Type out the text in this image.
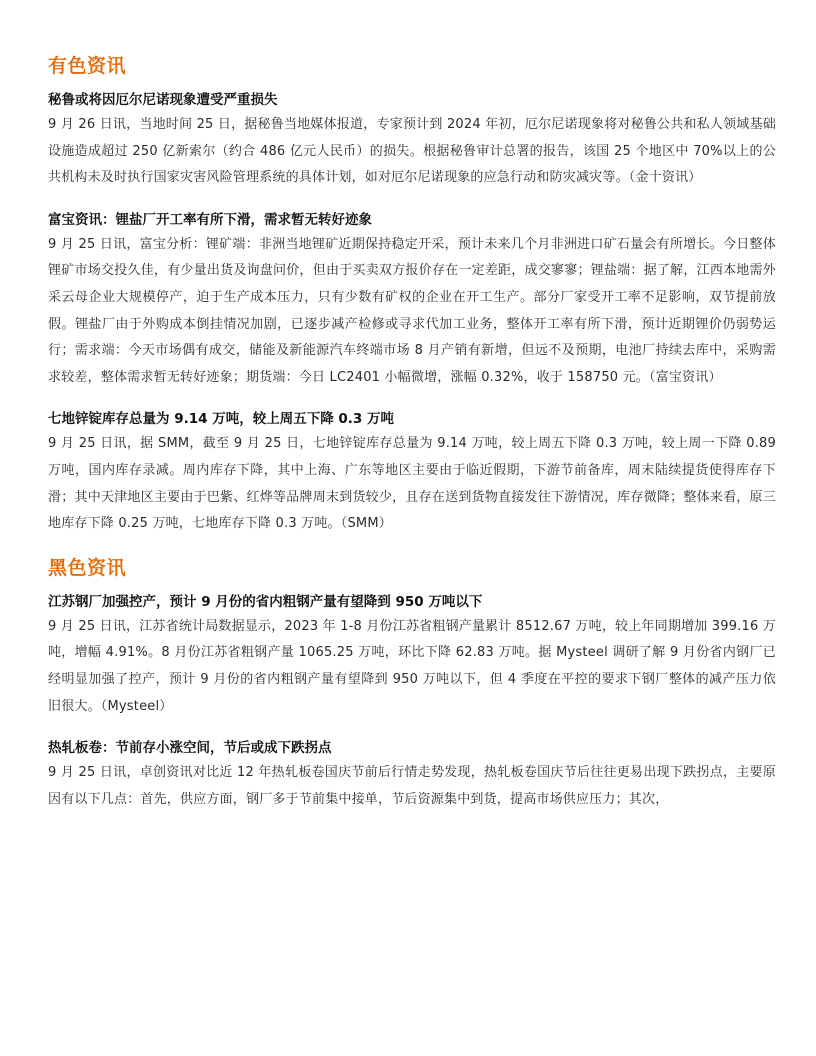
有色资讯

秘鲁或将因厄尔尼诺现象遭受严重损失

9 月 26 日讯，当地时间 25 日，据秘鲁当地媒体报道，专家预计到 2024 年初，厄尔尼诺现象将对秘鲁公共和私人领域基础设施造成超过 250 亿新索尔（约合 486 亿元人民币）的损失。根据秘鲁审计总署的报告，该国 25 个地区中 70%以上的公共机构未及时执行国家灾害风险管理系统的具体计划，如对厄尔尼诺现象的应急行动和防灾减灾等。（金十资讯）

富宝资讯：锂盐厂开工率有所下滑，需求暂无转好迹象

9 月 25 日讯，富宝分析：锂矿端：非洲当地锂矿近期保持稳定开采，预计未来几个月非洲进口矿石量会有所增长。今日整体锂矿市场交投久佳，有少量出货及询盘问价，但由于买卖双方报价存在一定差距，成交寥寥；锂盐端：据了解，江西本地需外采云母企业大规模停产，迫于生产成本压力，只有少数有矿权的企业在开工生产。部分厂家受开工率不足影响，双节提前放假。锂盐厂由于外购成本倒挂情况加剧，已逐步减产检修或寻求代加工业务，整体开工率有所下滑，预计近期锂价仍弱势运行；需求端：今天市场偶有成交，储能及新能源汽车终端市场 8 月产销有新增，但远不及预期，电池厂持续去库中，采购需求较差，整体需求暂无转好迹象；期货端：今日 LC2401 小幅微增，涨幅 0.32%，收于 158750 元。（富宝资讯）

七地锌锭库存总量为 9.14 万吨，较上周五下降 0.3 万吨

9 月 25 日讯，据 SMM，截至 9 月 25 日，七地锌锭库存总量为 9.14 万吨，较上周五下降 0.3 万吨，较上周一下降 0.89 万吨，国内库存录减。周内库存下降，其中上海、广东等地区主要由于临近假期，下游节前备库，周末陆续提货使得库存下滑；其中天津地区主要由于巴紫、红烨等品牌周末到货较少，且存在送到货物直接发往下游情况，库存微降；整体来看，原三地库存下降 0.25 万吨，七地库存下降 0.3 万吨。（SMM）

黑色资讯

江苏钢厂加强控产，预计 9 月份的省内粗钢产量有望降到 950 万吨以下

9 月 25 日讯，江苏省统计局数据显示，2023 年 1-8 月份江苏省粗钢产量累计 8512.67 万吨，较上年同期增加 399.16 万吨，增幅 4.91%。8 月份江苏省粗钢产量 1065.25 万吨，环比下降 62.83 万吨。据 Mysteel 调研了解 9 月份省内钢厂已经明显加强了控产，预计 9 月份的省内粗钢产量有望降到 950 万吨以下，但 4 季度在平控的要求下钢厂整体的减产压力依旧很大。（Mysteel）

热轧板卷：节前存小涨空间，节后或成下跌拐点

9 月 25 日讯，卓创资讯对比近 12 年热轧板卷国庆节前后行情走势发现，热轧板卷国庆节后往往更易出现下跌拐点，主要原因有以下几点：首先，供应方面，钢厂多于节前集中接单，节后资源集中到货，提高市场供应压力；其次，
